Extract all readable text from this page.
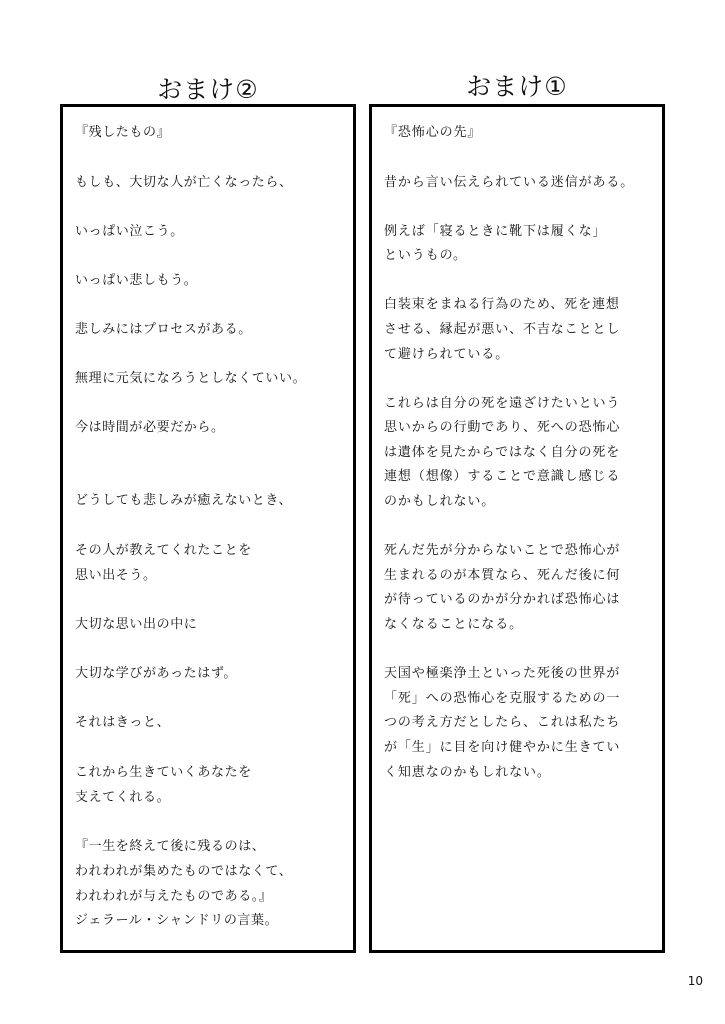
おまけ②	おまけ①
『残したもの』
もしも、大切な人が亡くなったら、
いっぱい泣こう。
いっぱい悲しもう。
悲しみにはプロセスがある。
無理に元気になろうとしなくていい。
今は時間が必要だから。
どうしても悲しみが癒えないとき、
その人が教えてくれたことを
思い出そう。
大切な思い出の中に
大切な学びがあったはず。
それはきっと、
これから生きていくあなたを
支えてくれる。
『一生を終えて後に残るのは、
われわれが集めたものではなくて、
われわれが与えたものである。』
ジェラール・シャンドリの言葉。
『恐怖心の先』
昔から言い伝えられている迷信がある。
例えば「寝るときに靴下は履くな」
というもの。
白装束をまねる行為のため、死を連想
させる、縁起が悪い、不吉なこととし
て避けられている。
これらは自分の死を遠ざけたいという
思いからの行動であり、死への恐怖心
は遺体を見たからではなく自分の死を
連想（想像）することで意識し感じる
のかもしれない。
死んだ先が分からないことで恐怖心が
生まれるのが本質なら、死んだ後に何
が待っているのかが分かれば恐怖心は
なくなることになる。
天国や極楽浄土といった死後の世界が
「死」への恐怖心を克服するための一
つの考え方だとしたら、これは私たち
が「生」に目を向け健やかに生きてい
く知恵なのかもしれない。
10
